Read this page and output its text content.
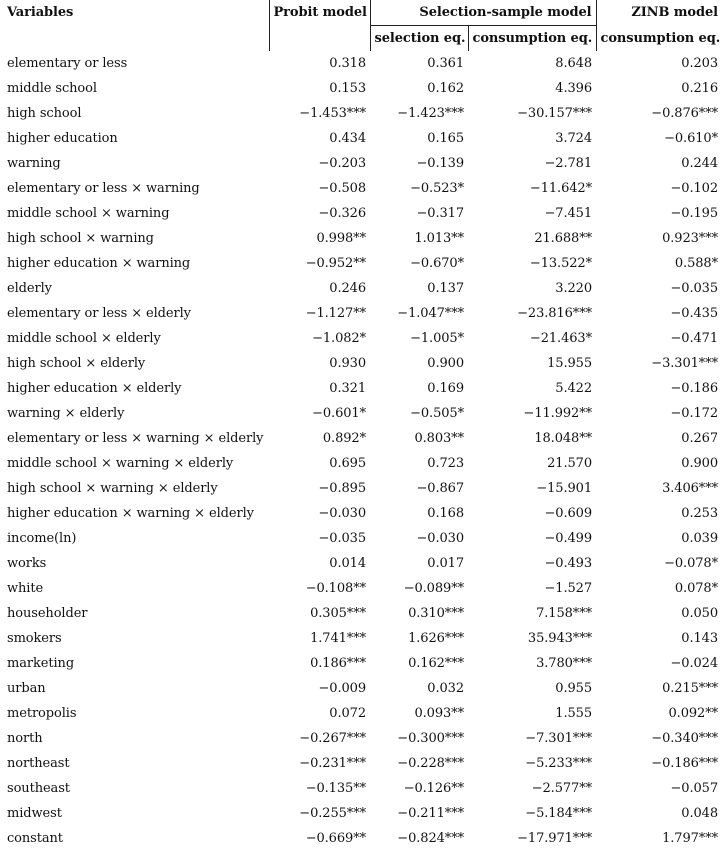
Variables	Probit model	Selection-sample model		ZINB model
		selection eq.	consumption eq.	consumption eq.
elementary or less	0.318	0.361	8.648	0.203
middle school	0.153	0.162	4.396	0.216
high school	−1.453***	−1.423***	−30.157***	−0.876***
higher education	0.434	0.165	3.724	−0.610*
warning	−0.203	−0.139	−2.781	0.244
elementary or less × warning	−0.508	−0.523*	−11.642*	−0.102
middle school × warning	−0.326	−0.317	−7.451	−0.195
high school × warning	0.998**	1.013**	21.688**	0.923***
higher education × warning	−0.952**	−0.670*	−13.522*	0.588*
elderly	0.246	0.137	3.220	−0.035
elementary or less × elderly	−1.127**	−1.047***	−23.816***	−0.435
middle school × elderly	−1.082*	−1.005*	−21.463*	−0.471
high school × elderly	0.930	0.900	15.955	−3.301***
higher education × elderly	0.321	0.169	5.422	−0.186
warning × elderly	−0.601*	−0.505*	−11.992**	−0.172
elementary or less × warning × elderly	0.892*	0.803**	18.048**	0.267
middle school × warning × elderly	0.695	0.723	21.570	0.900
high school × warning × elderly	−0.895	−0.867	−15.901	3.406***
higher education × warning × elderly	−0.030	0.168	−0.609	0.253
income(ln)	−0.035	−0.030	−0.499	0.039
works	0.014	0.017	−0.493	−0.078*
white	−0.108**	−0.089**	−1.527	0.078*
householder	0.305***	0.310***	7.158***	0.050
smokers	1.741***	1.626***	35.943***	0.143
marketing	0.186***	0.162***	3.780***	−0.024
urban	−0.009	0.032	0.955	0.215***
metropolis	0.072	0.093**	1.555	0.092**
north	−0.267***	−0.300***	−7.301***	−0.340***
northeast	−0.231***	−0.228***	−5.233***	−0.186***
southeast	−0.135**	−0.126**	−2.577**	−0.057
midwest	−0.255***	−0.211***	−5.184***	0.048
constant	−0.669**	−0.824***	−17.971***	1.797***
